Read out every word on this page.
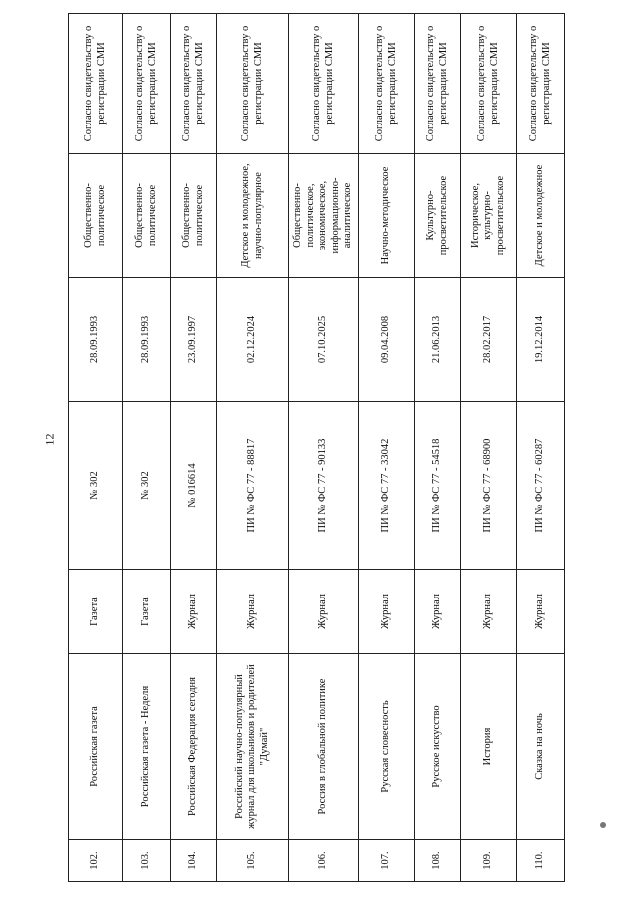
12
102.	Российская газета	Газета	№ 302	28.09.1993	Общественно-политическое	Согласно свидетельству о регистрации СМИ
103.	Российская газета - Неделя	Газета	№ 302	28.09.1993	Общественно-политическое	Согласно свидетельству о регистрации СМИ
104.	Российская Федерация сегодня	Журнал	№ 016614	23.09.1997	Общественно-политическое	Согласно свидетельству о регистрации СМИ
105.	Российский научно-популярный журнал для школьников и родителей "Думай"	Журнал	ПИ № ФС 77 - 88817	02.12.2024	Детское и молодежное, научно-популярное	Согласно свидетельству о регистрации СМИ
106.	Россия в глобальной политике	Журнал	ПИ № ФС 77 - 90133	07.10.2025	Общественно-политическое, экономическое, информационно-аналитическое	Согласно свидетельству о регистрации СМИ
107.	Русская словесность	Журнал	ПИ № ФС 77 - 33042	09.04.2008	Научно-методическое	Согласно свидетельству о регистрации СМИ
108.	Русское искусство	Журнал	ПИ № ФС 77 - 54518	21.06.2013	Культурно-просветительское	Согласно свидетельству о регистрации СМИ
109.	История	Журнал	ПИ № ФС 77 - 68900	28.02.2017	Историческое, культурно-просветительское	Согласно свидетельству о регистрации СМИ
110.	Сказка на ночь	Журнал	ПИ № ФС 77 - 60287	19.12.2014	Детское и молодежное	Согласно свидетельству о регистрации СМИ
